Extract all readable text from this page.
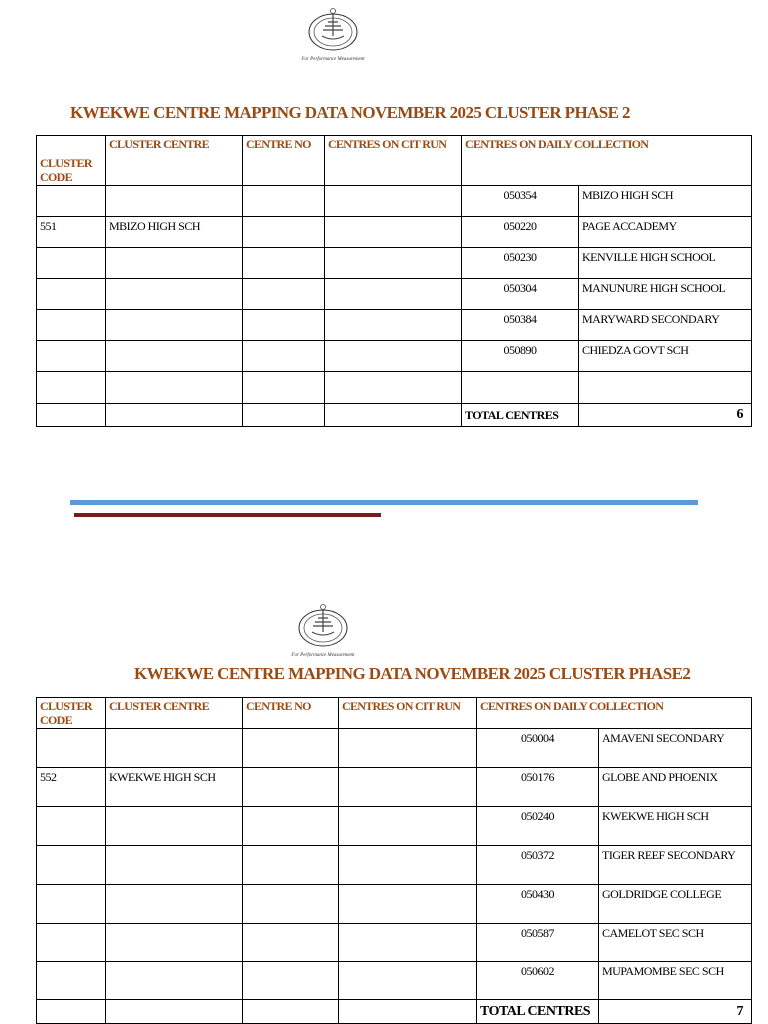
For Performance Measurement
KWEKWE CENTRE MAPPING DATA NOVEMBER 2025 CLUSTER PHASE 2
CLUSTER CODE	CLUSTER CENTRE	CENTRE NO	CENTRES ON CIT RUN	CENTRES ON DAILY COLLECTION	
				050354	MBIZO HIGH SCH
551	MBIZO HIGH SCH			050220	PAGE ACCADEMY
				050230	KENVILLE HIGH SCHOOL
				050304	MANUNURE HIGH SCHOOL
				050384	MARYWARD SECONDARY
				050890	CHIEDZA GOVT SCH

				TOTAL CENTRES	6
For Performance Measurement
KWEKWE CENTRE MAPPING DATA NOVEMBER 2025 CLUSTER PHASE2
CLUSTER CODE	CLUSTER CENTRE	CENTRE NO	CENTRES ON CIT RUN	CENTRES ON DAILY COLLECTION	
				050004	AMAVENI SECONDARY
552	KWEKWE HIGH SCH			050176	GLOBE AND PHOENIX
				050240	KWEKWE HIGH SCH
				050372	TIGER REEF SECONDARY
				050430	GOLDRIDGE COLLEGE
				050587	CAMELOT SEC SCH
				050602	MUPAMOMBE SEC SCH
				TOTAL CENTRES	7
